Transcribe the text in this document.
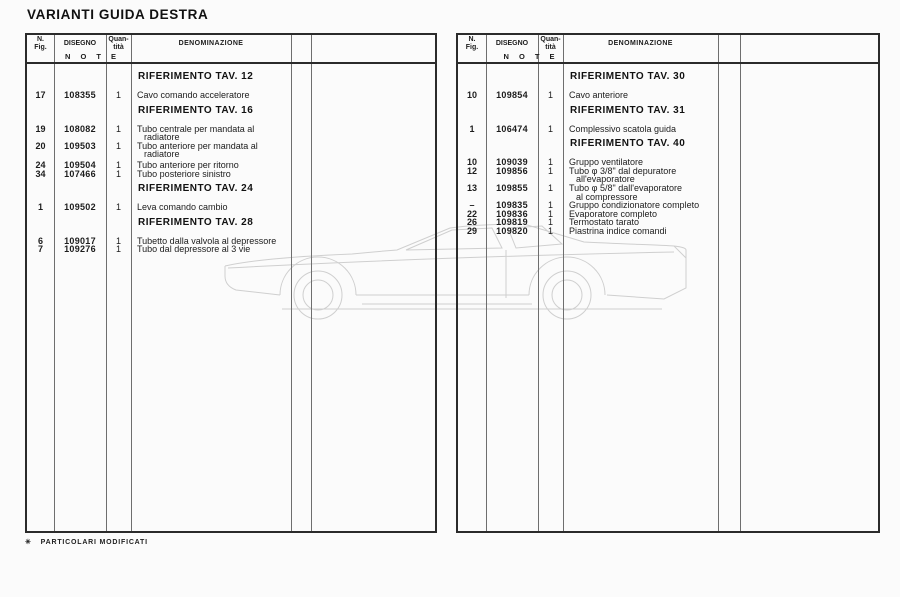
VARIANTI GUIDA DESTRA
N.
Fig.
DISEGNO
Quan-
tità
DENOMINAZIONE
N O T E
RIFERIMENTO TAV. 12
17	108355	1	Cavo comando acceleratore
RIFERIMENTO TAV. 16
19	108082	1	Tubo centrale per mandata al
radiatore
20	109503	1	Tubo anteriore per mandata al
radiatore
24	109504	1	Tubo anteriore per ritorno
34	107466	1	Tubo posteriore sinistro
RIFERIMENTO TAV. 24
1	109502	1	Leva comando cambio
RIFERIMENTO TAV. 28
6	109017	1	Tubetto dalla valvola al depressore
7	109276	1	Tubo dal depressore al 3 vie
N.
Fig.
DISEGNO
Quan-
tità
DENOMINAZIONE
N O T E
RIFERIMENTO TAV. 30
10	109854	1	Cavo anteriore
RIFERIMENTO TAV. 31
1	106474	1	Complessivo scatola guida
RIFERIMENTO TAV. 40
10	109039	1	Gruppo ventilatore
12	109856	1	Tubo φ 3/8" dal depuratore
all'evaporatore
13	109855	1	Tubo φ 5/8" dall'evaporatore
al compressore
–	109835	1	Gruppo condizionatore completo
22	109836	1	Evaporatore completo
26	109819	1	Termostato tarato
29	109820	1	Piastrina indice comandi
✳ PARTICOLARI MODIFICATI
